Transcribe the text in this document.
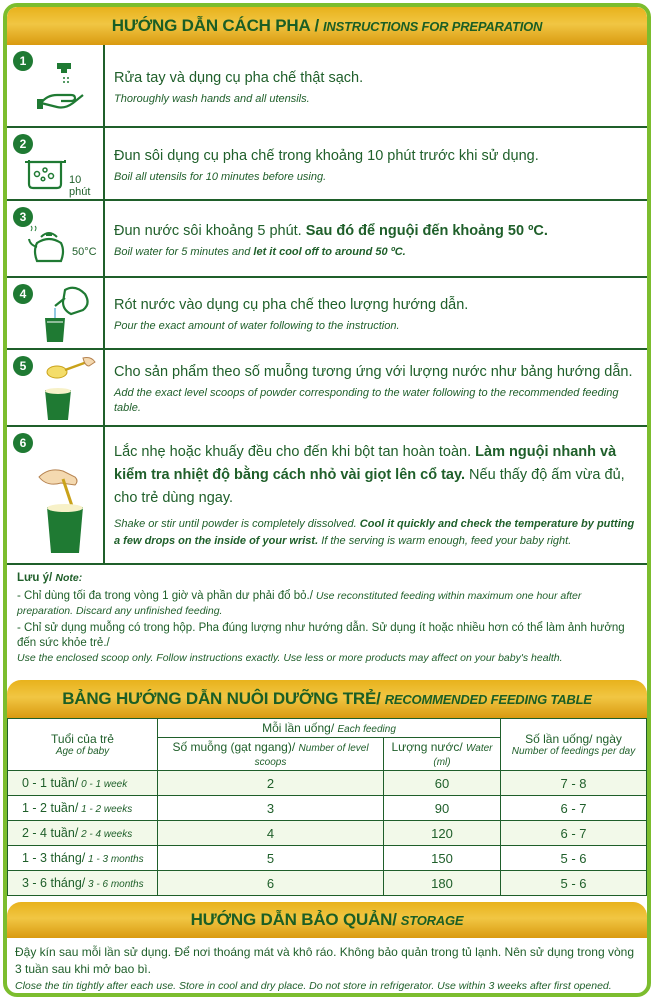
HƯỚNG DẪN CÁCH PHA / INSTRUCTIONS FOR PREPARATION
1
Rửa tay và dụng cụ pha chế thật sạch.
Thoroughly wash hands and all utensils.
2
10 phút
Đun sôi dụng cụ pha chế trong khoảng 10 phút trước khi sử dụng.
Boil all utensils for 10 minutes before using.
3
50°C
Đun nước sôi khoảng 5 phút. Sau đó để nguội đến khoảng 50 ºC.
Boil water for 5 minutes and let it cool off to around 50 ºC.
4
Rót nước vào dụng cụ pha chế theo lượng hướng dẫn.
Pour the exact amount of water following to the instruction.
5	Cho sản phẩm theo số muỗng tương ứng với lượng nước như bảng hướng dẫn.
Add the exact level scoops of powder corresponding to the water following to the recommended feeding table.
6
Lắc nhẹ hoặc khuấy đều cho đến khi bột tan hoàn toàn. Làm nguội nhanh và kiểm tra nhiệt độ bằng cách nhỏ vài giọt lên cổ tay. Nếu thấy độ ấm vừa đủ, cho trẻ dùng ngay.
Shake or stir until powder is completely dissolved. Cool it quickly and check the temperature by putting a few drops on the inside of your wrist. If the serving is warm enough, feed your baby right.
Lưu ý/ Note:
- Chỉ dùng tối đa trong vòng 1 giờ và phần dư phải đổ bỏ./ Use reconstituted feeding within maximum one hour after preparation. Discard any unfinished feeding.
- Chỉ sử dụng muỗng có trong hộp. Pha đúng lượng như hướng dẫn. Sử dụng ít hoặc nhiều hơn có thể làm ảnh hưởng đến sức khỏe trẻ./
Use the enclosed scoop only. Follow instructions exactly. Use less or more products may affect on your baby's health.
BẢNG HƯỚNG DẪN NUÔI DƯỠNG TRẺ/ RECOMMENDED FEEDING TABLE
Tuổi của trẻ
Age of baby	Mỗi lần uống/ Each feeding		Số lần uống/ ngày
Number of feedings per day

	Số muỗng (gạt ngang)/ Number of level scoops	Lượng nước/ Water (ml)	
0 - 1 tuần/ 0 - 1 week	2	60	7 - 8
1 - 2 tuần/ 1 - 2 weeks	3	90	6 - 7
2 - 4 tuần/ 2 - 4 weeks	4	120	6 - 7
1 - 3 tháng/ 1 - 3 months	5	150	5 - 6
3 - 6 tháng/ 3 - 6 months	6	180	5 - 6
HƯỚNG DẪN BẢO QUẢN/ STORAGE
Đậy kín sau mỗi lần sử dụng. Để nơi thoáng mát và khô ráo. Không bảo quản trong tủ lạnh. Nên sử dụng trong vòng 3 tuần sau khi mở bao bì.
Close the tin tightly after each use. Store in cool and dry place. Do not store in refrigerator. Use within 3 weeks after first opened.
